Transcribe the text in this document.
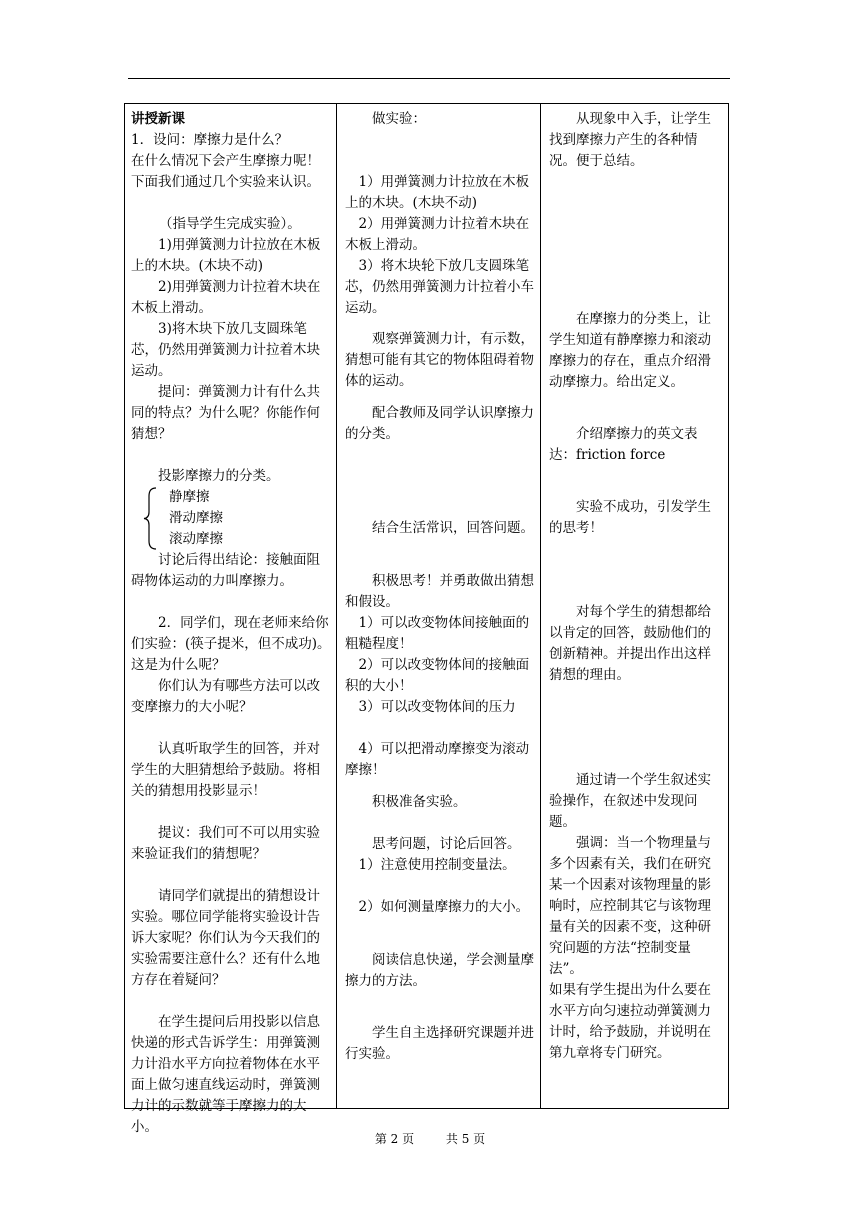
讲授新课

1．设问：摩擦力是什么？

在什么情况下会产生摩擦力呢！下面我们通过几个实验来认识。

（指导学生完成实验）。

1)用弹簧测力计拉放在木板上的木块。(木块不动)

2)用弹簧测力计拉着木块在木板上滑动。

3)将木块下放几支圆珠笔芯，仍然用弹簧测力计拉着木块运动。

提问：弹簧测力计有什么共同的特点？为什么呢？你能作何猜想？

投影摩擦力的分类。

静摩擦
滑动摩擦
滚动摩擦

讨论后得出结论：接触面阻碍物体运动的力叫摩擦力。

2．同学们，现在老师来给你们实验：(筷子提米，但不成功)。这是为什么呢？

你们认为有哪些方法可以改变摩擦力的大小呢？

认真听取学生的回答，并对学生的大胆猜想给予鼓励。将相关的猜想用投影显示！

提议：我们可不可以用实验来验证我们的猜想呢？

请同学们就提出的猜想设计实验。哪位同学能将实验设计告诉大家呢？你们认为今天我们的实验需要注意什么？还有什么地方存在着疑问？

在学生提问后用投影以信息快递的形式告诉学生：用弹簧测力计沿水平方向拉着物体在水平面上做匀速直线运动时，弹簧测力计的示数就等于摩擦力的大小。

做实验：

1）用弹簧测力计拉放在木板上的木块。(木块不动)

2）用弹簧测力计拉着木块在木板上滑动。

3）将木块轮下放几支圆珠笔芯，仍然用弹簧测力计拉着小车运动。

观察弹簧测力计，有示数，猜想可能有其它的物体阻碍着物体的运动。

配合教师及同学认识摩擦力的分类。

结合生活常识，回答问题。

积极思考！并勇敢做出猜想和假设。

1）可以改变物体间接触面的粗糙程度！

2）可以改变物体间的接触面积的大小！

3）可以改变物体间的压力

4）可以把滑动摩擦变为滚动摩擦！

积极准备实验。

思考问题，讨论后回答。

1）注意使用控制变量法。

2）如何测量摩擦力的大小。

阅读信息快递，学会测量摩擦力的方法。

学生自主选择研究课题并进行实验。

从现象中入手，让学生找到摩擦力产生的各种情况。便于总结。

在摩擦力的分类上，让学生知道有静摩擦力和滚动摩擦力的存在，重点介绍滑动摩擦力。给出定义。

介绍摩擦力的英文表达：friction force

实验不成功，引发学生的思考！

对每个学生的猜想都给以肯定的回答，鼓励他们的创新精神。并提出作出这样猜想的理由。

通过请一个学生叙述实验操作，在叙述中发现问题。

强调：当一个物理量与多个因素有关，我们在研究某一个因素对该物理量的影响时，应控制其它与该物理量有关的因素不变，这种研究问题的方法“控制变量法”。

如果有学生提出为什么要在水平方向匀速拉动弹簧测力计时，给予鼓励，并说明在第九章将专门研究。

第 2 页	共 5 页
